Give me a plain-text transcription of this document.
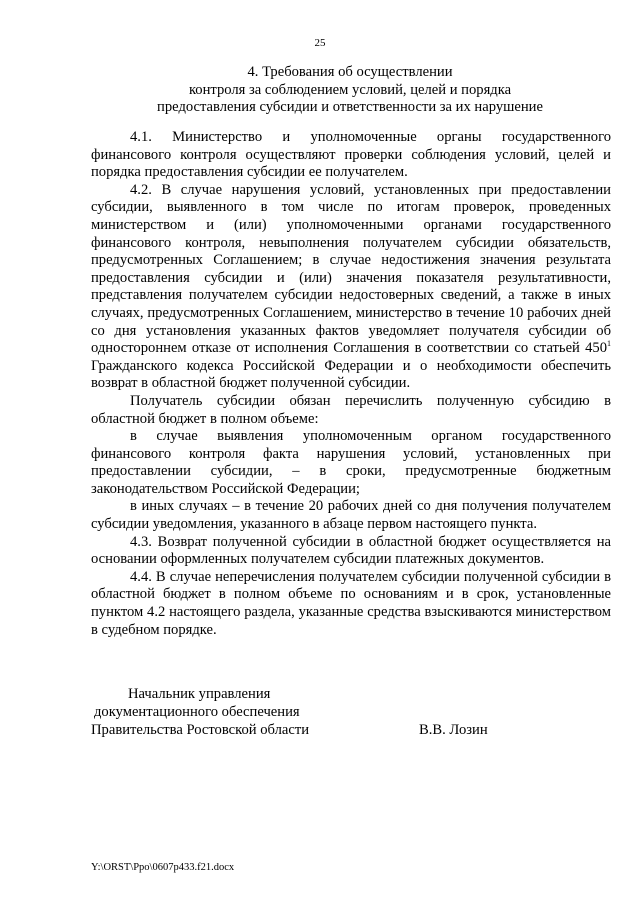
25
4. Требования об осуществлении
контроля за соблюдением условий, целей и порядка
предоставления субсидии и ответственности за их нарушение

4.1. Министерство и уполномоченные органы государственного финансового контроля осуществляют проверки соблюдения условий, целей и порядка предоставления субсидии ее получателем.

4.2. В случае нарушения условий, установленных при предоставлении субсидии, выявленного в том числе по итогам проверок, проведенных министерством и (или) уполномоченными органами государственного финансового контроля, невыполнения получателем субсидии обязательств, предусмотренных Соглашением; в случае недостижения значения результата предоставления субсидии и (или) значения показателя результативности, представления получателем субсидии недостоверных сведений, а также в иных случаях, предусмотренных Соглашением, министерство в течение 10 рабочих дней со дня установления указанных фактов уведомляет получателя субсидии об одностороннем отказе от исполнения Соглашения в соответствии со статьей $450^1$ Гражданского кодекса Российской Федерации и о необходимости обеспечить возврат в областной бюджет полученной субсидии.

Получатель субсидии обязан перечислить полученную субсидию в областной бюджет в полном объеме:

в случае выявления уполномоченным органом государственного финансового контроля факта нарушения условий, установленных при предоставлении субсидии, – в сроки, предусмотренные бюджетным законодательством Российской Федерации;

в иных случаях – в течение 20 рабочих дней со дня получения получателем субсидии уведомления, указанного в абзаце первом настоящего пункта.

4.3. Возврат полученной субсидии в областной бюджет осуществляется на основании оформленных получателем субсидии платежных документов.

4.4. В случае неперечисления получателем субсидии полученной субсидии в областной бюджет в полном объеме по основаниям и в срок, установленные пунктом 4.2 настоящего раздела, указанные средства взыскиваются министерством в судебном порядке.

Начальник управления
документационного обеспечения
Правительства Ростовской области	В.В. Лозин
Y:\ORST\Ppo\0607p433.f21.docx
